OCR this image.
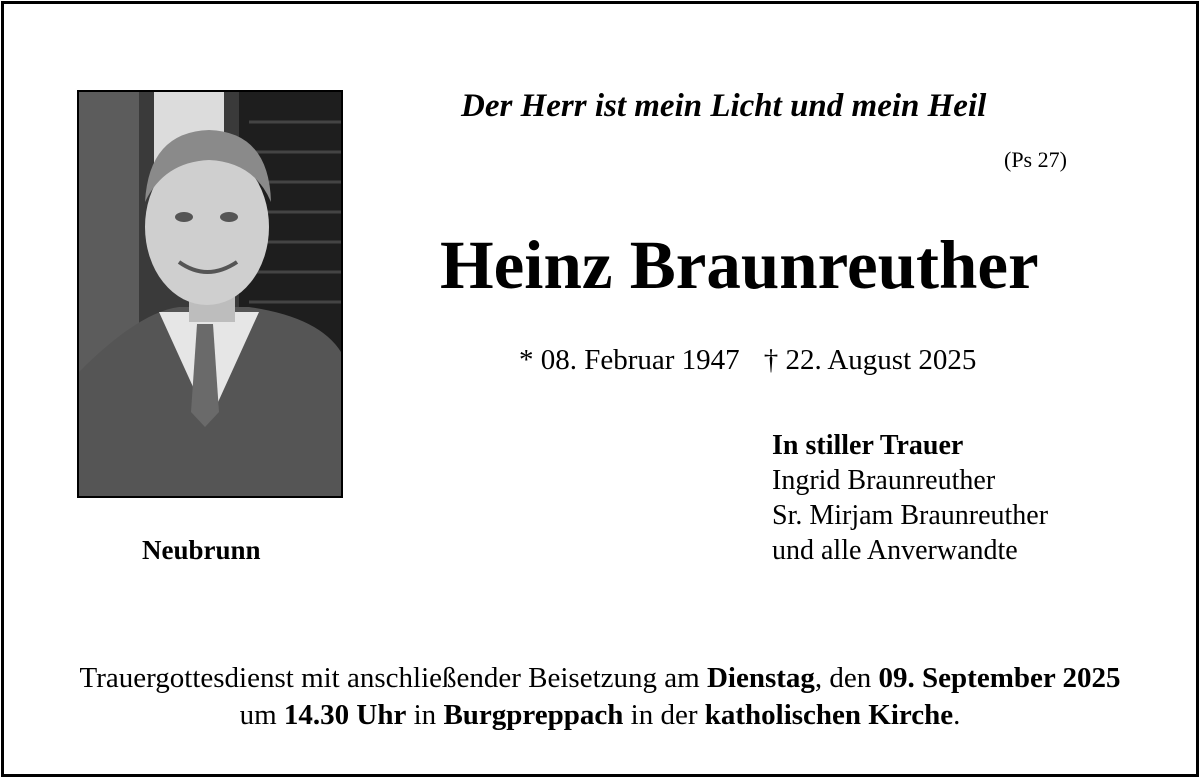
Der Herr ist mein Licht und mein Heil
(Ps 27)
Heinz Braunreuther
* 08. Februar 1947 † 22. August 2025
Neubrunn
In stiller Trauer
Ingrid Braunreuther
Sr. Mirjam Braunreuther
und alle Anverwandte
Trauergottesdienst mit anschließender Beisetzung am Dienstag, den 09. September 2025
um 14.30 Uhr in Burgpreppach in der katholischen Kirche.
